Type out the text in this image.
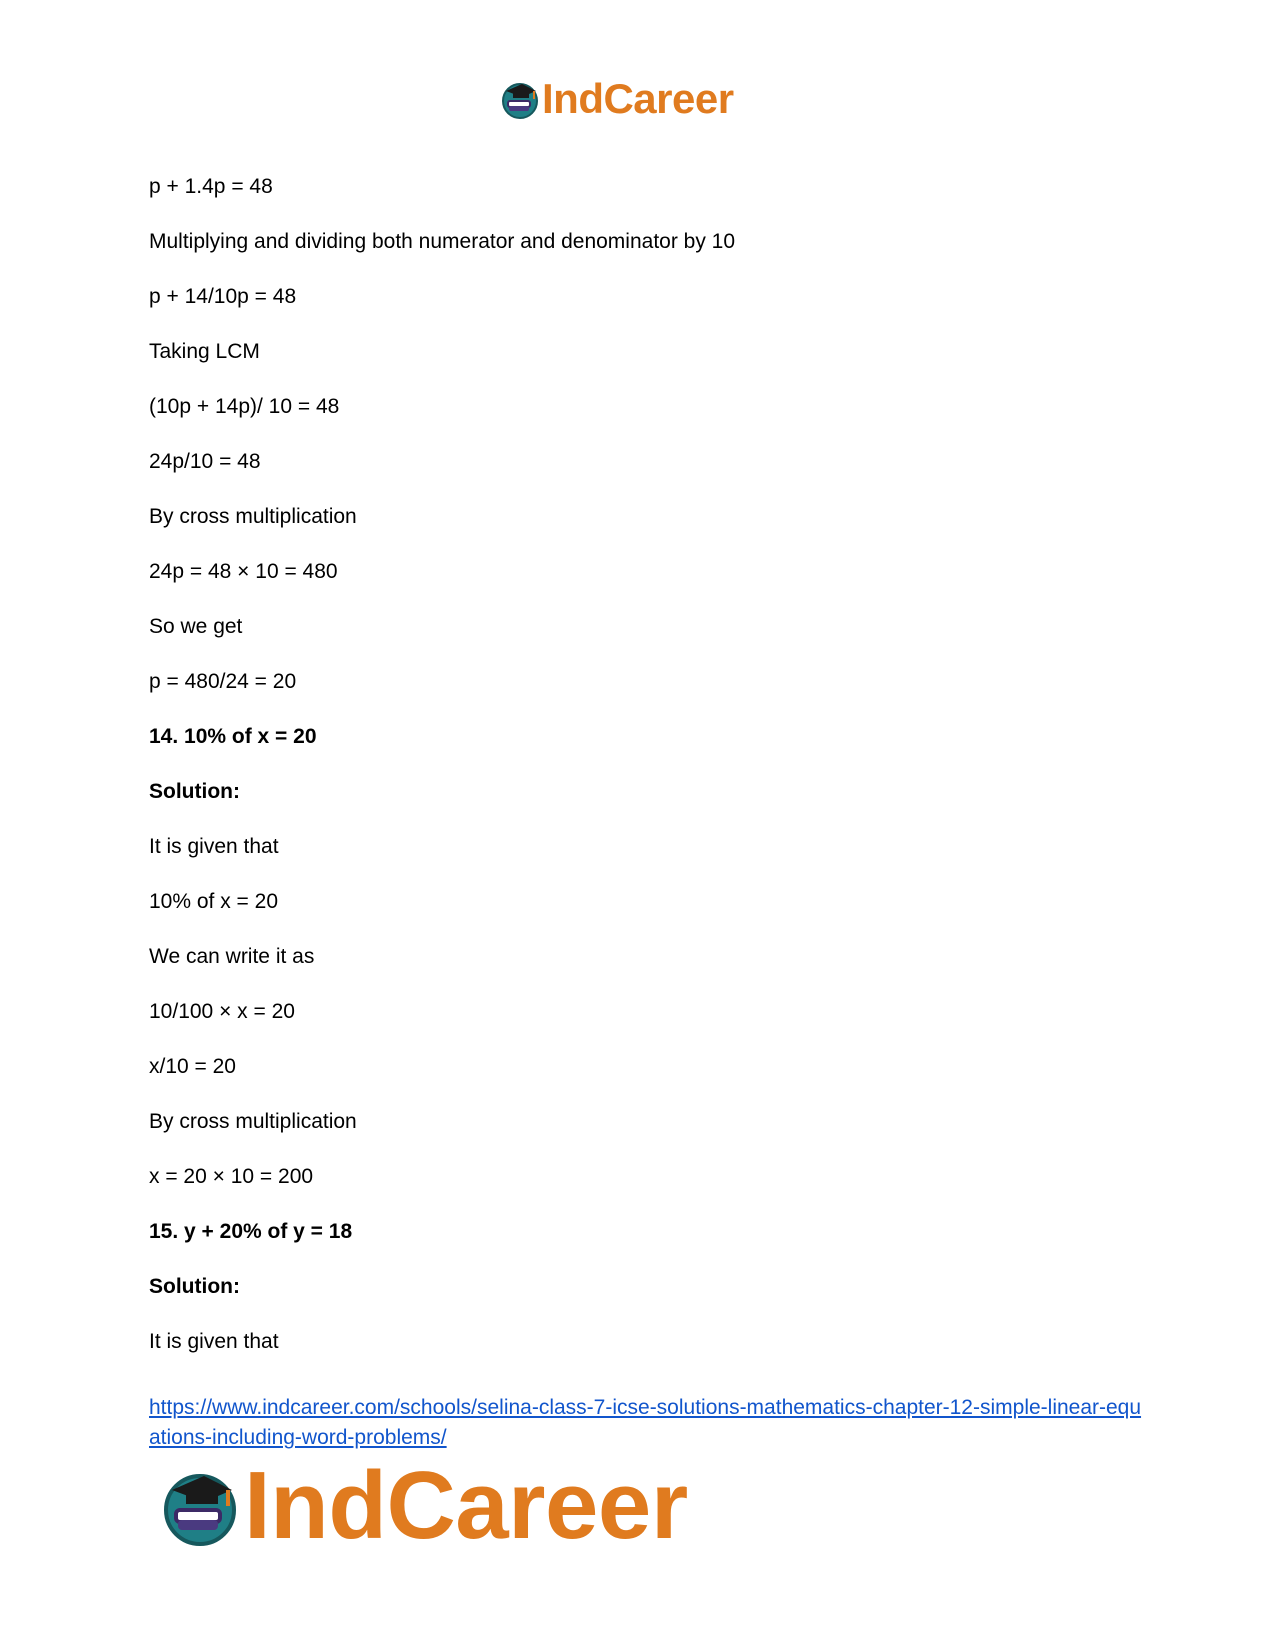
IndCareer

p + 1.4p = 48

Multiplying and dividing both numerator and denominator by 10

p + 14/10p = 48

Taking LCM

(10p + 14p)/ 10 = 48

24p/10 = 48

By cross multiplication

24p = 48 × 10 = 480

So we get

p = 480/24 = 20

14. 10% of x = 20

Solution:

It is given that

10% of x = 20

We can write it as

10/100 × x = 20

x/10 = 20

By cross multiplication

x = 20 × 10 = 200

15. y + 20% of y = 18

Solution:

It is given that

https://www.indcareer.com/schools/selina-class-7-icse-solutions-mathematics-chapter-12-simple-linear-equations-including-word-problems/
IndCareer
